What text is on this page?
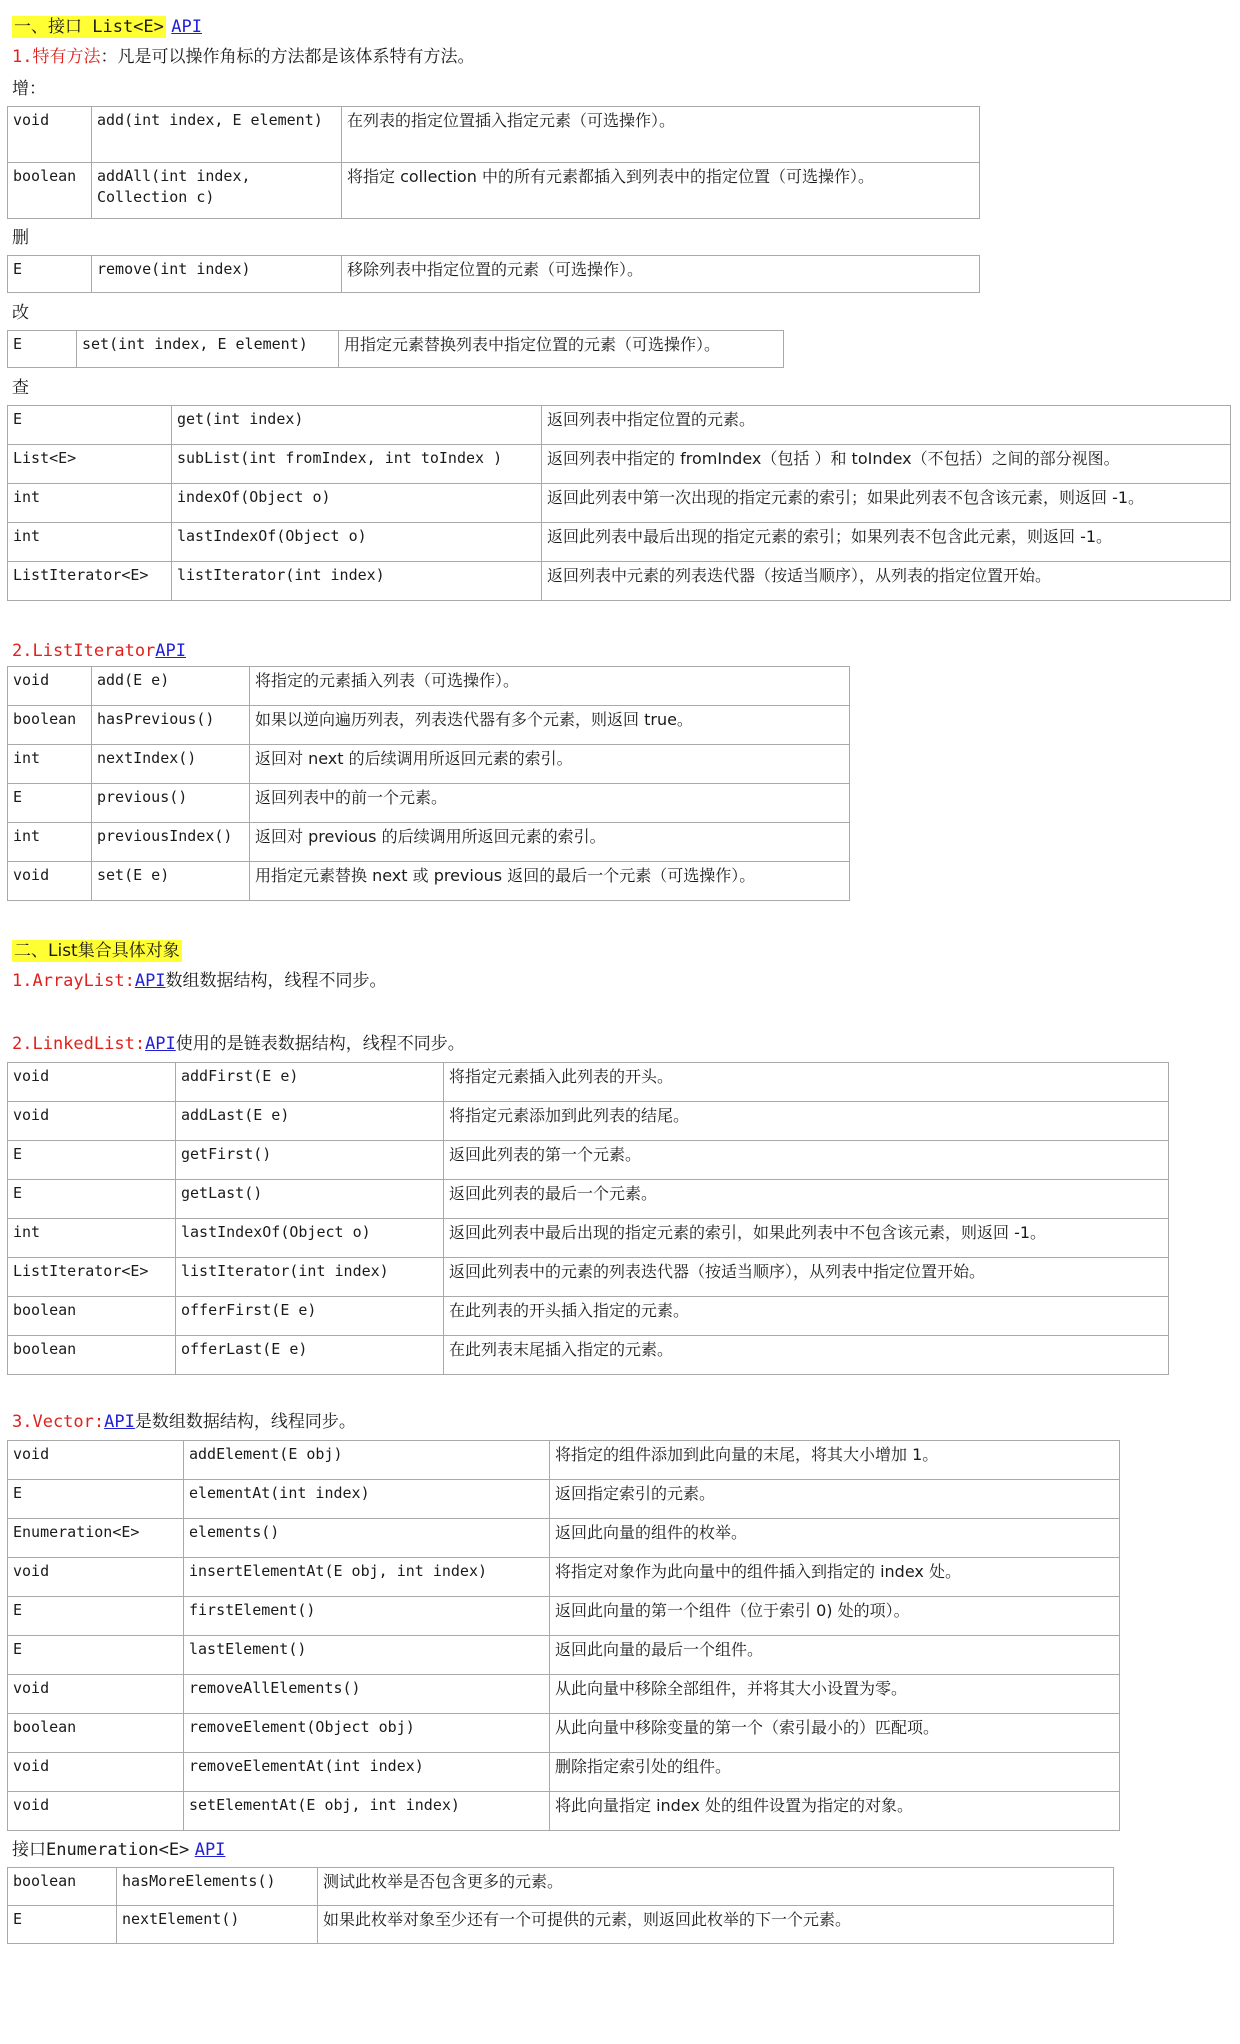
一、接口 List<E> API
1.特有方法：凡是可以操作角标的方法都是该体系特有方法。
增：
void	add(int index, E element)	在列表的指定位置插入指定元素（可选操作）。
boolean	addAll(int index, Collection c)	将指定 collection 中的所有元素都插入到列表中的指定位置（可选操作）。
删
E	remove(int index)	移除列表中指定位置的元素（可选操作）。
改
E	set(int index, E element)	用指定元素替换列表中指定位置的元素（可选操作）。
查
E	get(int index)	返回列表中指定位置的元素。
List<E>	subList(int fromIndex, int toIndex )	返回列表中指定的 fromIndex（包括 ）和 toIndex（不包括）之间的部分视图。
int	indexOf(Object o)	返回此列表中第一次出现的指定元素的索引；如果此列表不包含该元素，则返回 -1。
int	lastIndexOf(Object o)	返回此列表中最后出现的指定元素的索引；如果列表不包含此元素，则返回 -1。
ListIterator<E>	listIterator(int index)	返回列表中元素的列表迭代器（按适当顺序），从列表的指定位置开始。
2.ListIteratorAPI
void	add(E e)	将指定的元素插入列表（可选操作）。
boolean	hasPrevious()	如果以逆向遍历列表，列表迭代器有多个元素，则返回 true。
int	nextIndex()	返回对 next 的后续调用所返回元素的索引。
E	previous()	返回列表中的前一个元素。
int	previousIndex()	返回对 previous 的后续调用所返回元素的索引。
void	set(E e)	用指定元素替换 next 或 previous 返回的最后一个元素（可选操作）。
二、List集合具体对象
1.ArrayList:API数组数据结构，线程不同步。
2.LinkedList:API使用的是链表数据结构，线程不同步。
void	addFirst(E e)	将指定元素插入此列表的开头。
void	addLast(E e)	将指定元素添加到此列表的结尾。
E	getFirst()	返回此列表的第一个元素。
E	getLast()	返回此列表的最后一个元素。
int	lastIndexOf(Object o)	返回此列表中最后出现的指定元素的索引，如果此列表中不包含该元素，则返回 -1。
ListIterator<E>	listIterator(int index)	返回此列表中的元素的列表迭代器（按适当顺序），从列表中指定位置开始。
boolean	offerFirst(E e)	在此列表的开头插入指定的元素。
boolean	offerLast(E e)	在此列表末尾插入指定的元素。
3.Vector:API是数组数据结构，线程同步。
void	addElement(E obj)	将指定的组件添加到此向量的末尾，将其大小增加 1。
E	elementAt(int index)	返回指定索引的元素。
Enumeration<E>	elements()	返回此向量的组件的枚举。
void	insertElementAt(E obj, int index)	将指定对象作为此向量中的组件插入到指定的 index 处。
E	firstElement()	返回此向量的第一个组件（位于索引 0) 处的项）。
E	lastElement()	返回此向量的最后一个组件。
void	removeAllElements()	从此向量中移除全部组件，并将其大小设置为零。
boolean	removeElement(Object obj)	从此向量中移除变量的第一个（索引最小的）匹配项。
void	removeElementAt(int index)	删除指定索引处的组件。
void	setElementAt(E obj, int index)	将此向量指定 index 处的组件设置为指定的对象。
接口Enumeration<E> API
boolean	hasMoreElements()	测试此枚举是否包含更多的元素。
E	nextElement()	如果此枚举对象至少还有一个可提供的元素，则返回此枚举的下一个元素。
